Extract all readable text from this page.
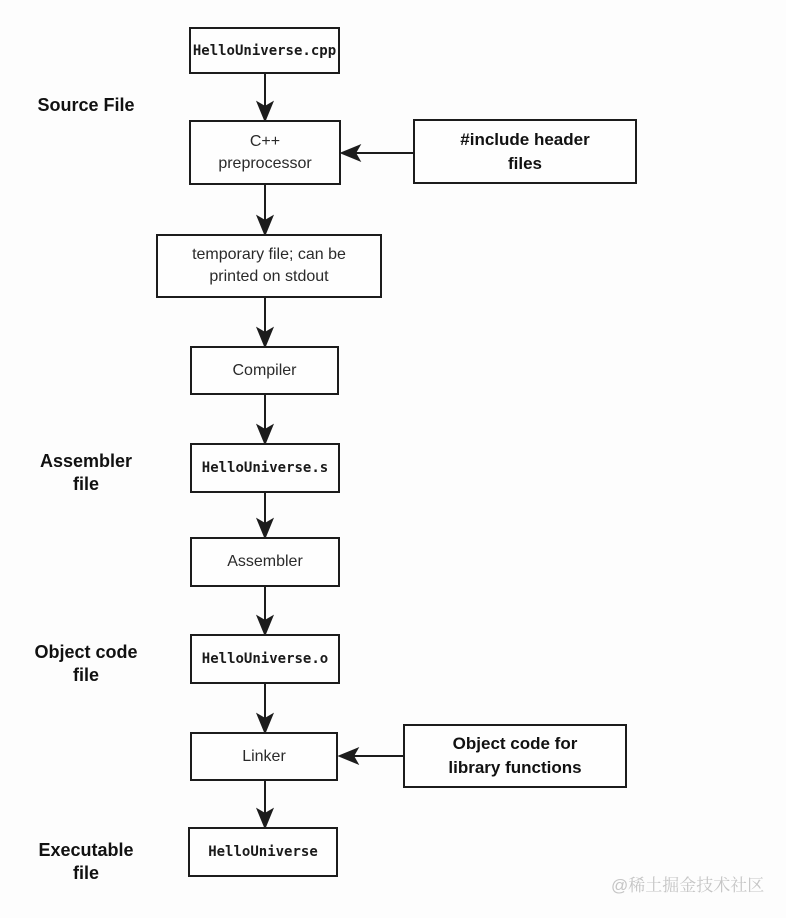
Source File
Assembler
file
Object code
file
Executable
file
HelloUniverse.cpp
C++
preprocessor
#include header
files
temporary file; can be
printed on stdout
Compiler
HelloUniverse.s
Assembler
HelloUniverse.o
Linker
Object code for
library functions
HelloUniverse
@稀土掘金技术社区
